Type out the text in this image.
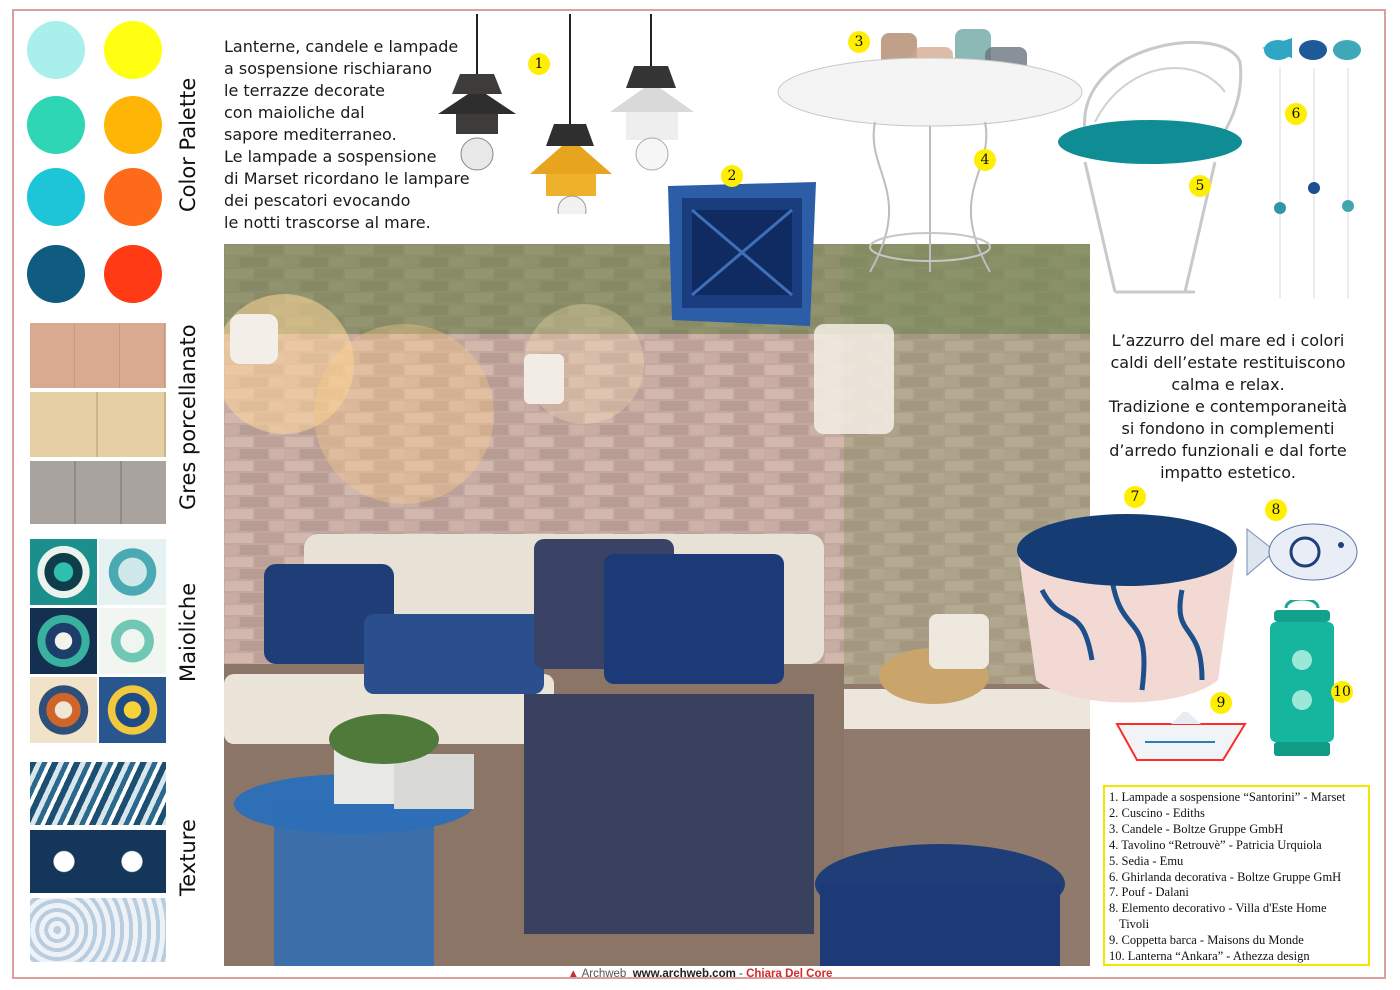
Color Palette
Gres porcellanato
Maioliche
Texture
Lanterne, candele e lampade
a sospensione rischiarano
le terrazze decorate
con maioliche dal
sapore mediterraneo.
Le lampade a sospensione
di Marset ricordano le lampare
dei pescatori evocando
le notti trascorse al mare.
L’azzurro del mare ed i colori
caldi dell’estate restituiscono
calma e relax.
Tradizione e contemporaneità
si fondono in complementi
d’arredo funzionali e dal forte
impatto estetico.
1
2
3
4
5
6
7
8
9
10
1. Lampade a sospensione “Santorini” - Marset
2. Cuscino - Ediths
3. Candele - Boltze Gruppe GmbH
4. Tavolino “Retrouvè” - Patricia Urquiola
5. Sedia - Emu
6. Ghirlanda decorativa - Boltze Gruppe GmH
7. Pouf - Dalani
8. Elemento decorativo - Villa d'Este Home
Tivoli
9. Coppetta barca - Maisons du Monde
10. Lanterna “Ankara” - Athezza design
▲ Archweb www.archweb.com - Chiara Del Core
